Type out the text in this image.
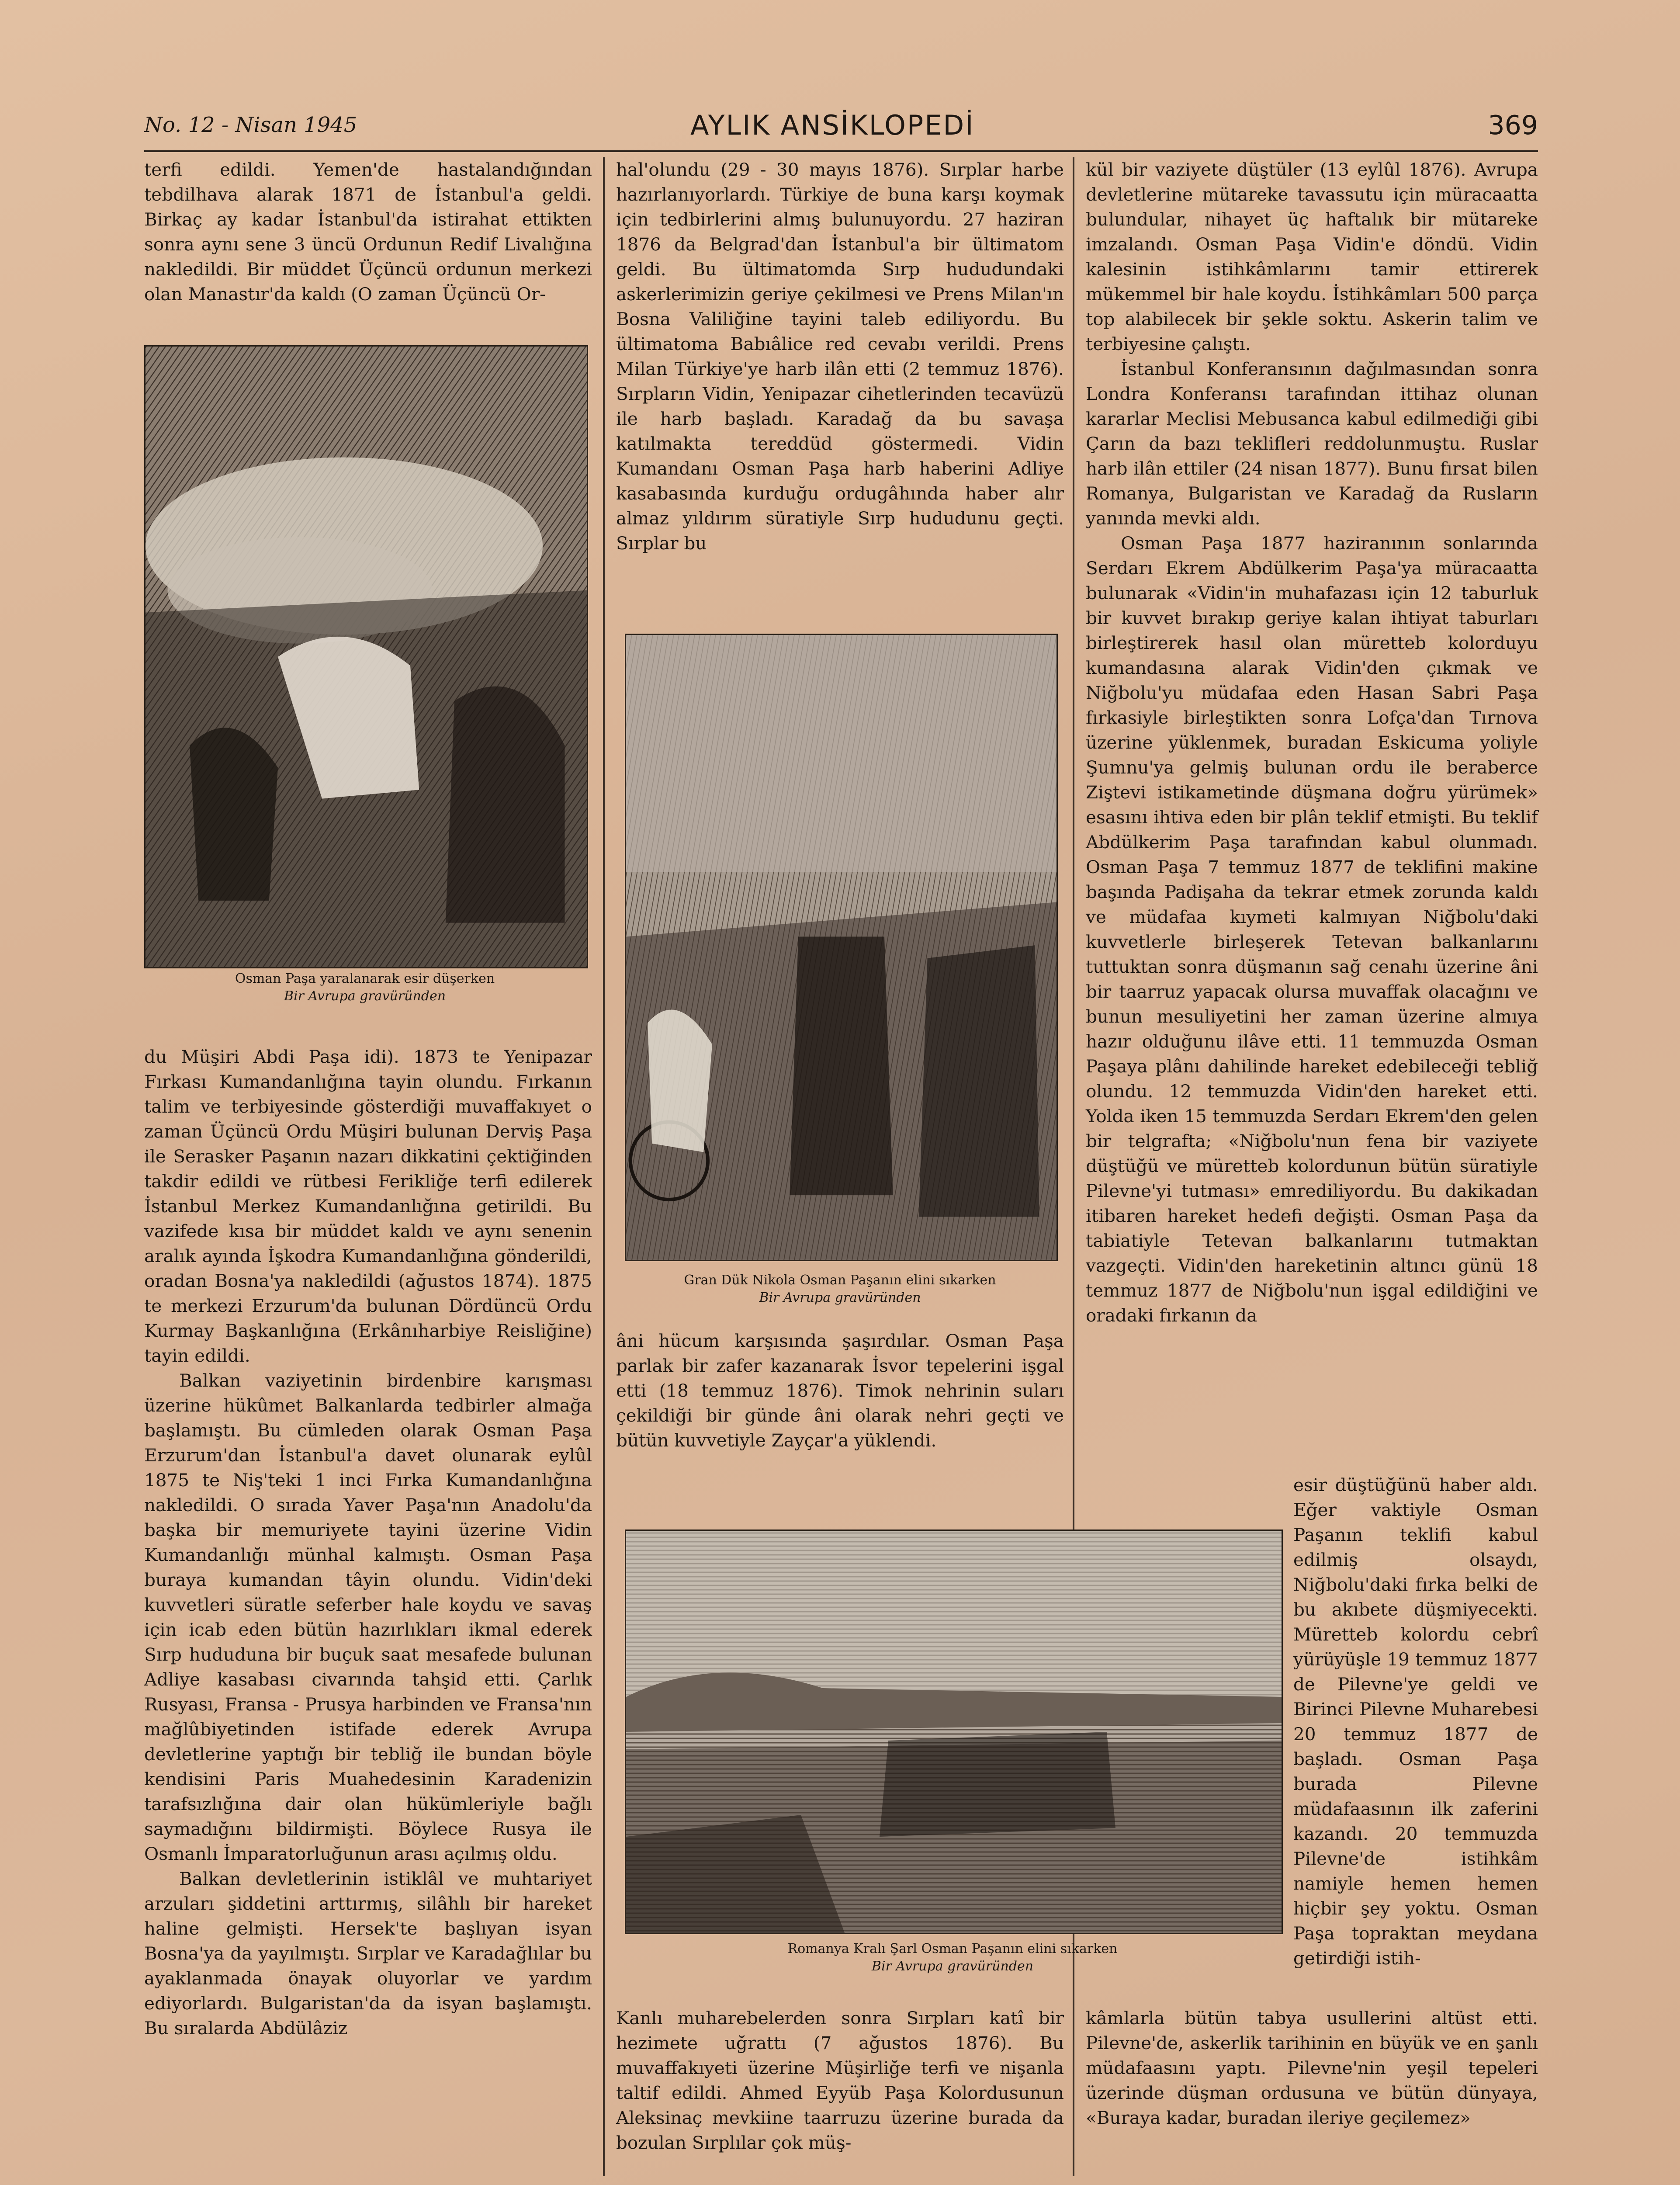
No. 12 - Nisan 1945	AYLIK ANSİKLOPEDİ	369

terfi edildi. Yemen'de hastalandığından tebdilhava alarak 1871 de İstanbul'a geldi. Birkaç ay kadar İstanbul'da istirahat ettikten sonra aynı sene 3 üncü Ordunun Redif Livalığına nakledildi. Bir müddet Üçüncü ordunun merkezi olan Manastır'da kaldı (O zaman Üçüncü Or-

Osman Paşa yaralanarak esir düşerken
Bir Avrupa gravüründen

du Müşiri Abdi Paşa idi). 1873 te Yenipazar Fırkası Kumandanlığına tayin olundu. Fırkanın talim ve terbiyesinde gösterdiği muvaffakıyet o zaman Üçüncü Ordu Müşiri bulunan Derviş Paşa ile Serasker Paşanın nazarı dikkatini çektiğinden takdir edildi ve rütbesi Ferikliğe terfi edilerek İstanbul Merkez Kumandanlığına getirildi. Bu vazifede kısa bir müddet kaldı ve aynı senenin aralık ayında İşkodra Kumandanlığına gönderildi, oradan Bosna'ya nakledildi (ağustos 1874). 1875 te merkezi Erzurum'da bulunan Dördüncü Ordu Kurmay Başkanlığına (Erkânıharbiye Reisliğine) tayin edildi.

Balkan vaziyetinin birdenbire karışması üzerine hükûmet Balkanlarda tedbirler almağa başlamıştı. Bu cümleden olarak Osman Paşa Erzurum'dan İstanbul'a davet olunarak eylûl 1875 te Niş'teki 1 inci Fırka Kumandanlığına nakledildi. O sırada Yaver Paşa'nın Anadolu'da başka bir memuriyete tayini üzerine Vidin Kumandanlığı münhal kalmıştı. Osman Paşa buraya kumandan tâyin olundu. Vidin'deki kuvvetleri süratle seferber hale koydu ve savaş için icab eden bütün hazırlıkları ikmal ederek Sırp hududuna bir buçuk saat mesafede bulunan Adliye kasabası civarında tahşid etti. Çarlık Rusyası, Fransa - Prusya harbinden ve Fransa'nın mağlûbiyetinden istifade ederek Avrupa devletlerine yaptığı bir tebliğ ile bundan böyle kendisini Paris Muahedesinin Karadenizin tarafsızlığına dair olan hükümleriyle bağlı saymadığını bildirmişti. Böylece Rusya ile Osmanlı İmparatorluğunun arası açılmış oldu.

Balkan devletlerinin istiklâl ve muhtariyet arzuları şiddetini arttırmış, silâhlı bir hareket haline gelmişti. Hersek'te başlıyan isyan Bosna'ya da yayılmıştı. Sırplar ve Karadağlılar bu ayaklanmada önayak oluyorlar ve yardım ediyorlardı. Bulgaristan'da da isyan başlamıştı. Bu sıralarda Abdülâziz

hal'olundu (29 - 30 mayıs 1876). Sırplar harbe hazırlanıyorlardı. Türkiye de buna karşı koymak için tedbirlerini almış bulunuyordu. 27 haziran 1876 da Belgrad'dan İstanbul'a bir ültimatom geldi. Bu ültimatomda Sırp hududundaki askerlerimizin geriye çekilmesi ve Prens Milan'ın Bosna Valiliğine tayini taleb ediliyordu. Bu ültimatoma Babıâlice red cevabı verildi. Prens Milan Türkiye'ye harb ilân etti (2 temmuz 1876). Sırpların Vidin, Yenipazar cihetlerinden tecavüzü ile harb başladı. Karadağ da bu savaşa katılmakta tereddüd göstermedi. Vidin Kumandanı Osman Paşa harb haberini Adliye kasabasında kurduğu ordugâhında haber alır almaz yıldırım süratiyle Sırp hududunu geçti. Sırplar bu

Gran Dük Nikola Osman Paşanın elini sıkarken
Bir Avrupa gravüründen

âni hücum karşısında şaşırdılar. Osman Paşa parlak bir zafer kazanarak İsvor tepelerini işgal etti (18 temmuz 1876). Timok nehrinin suları çekildiği bir günde âni olarak nehri geçti ve bütün kuvvetiyle Zayçar'a yüklendi.

Romanya Kralı Şarl Osman Paşanın elini sıkarken
Bir Avrupa gravüründen

Kanlı muharebelerden sonra Sırpları katî bir hezimete uğrattı (7 ağustos 1876). Bu muvaffakıyeti üzerine Müşirliğe terfi ve nişanla taltif edildi. Ahmed Eyyüb Paşa Kolordusunun Aleksinaç mevkiine taarruzu üzerine burada da bozulan Sırplılar çok müş-

kül bir vaziyete düştüler (13 eylûl 1876). Avrupa devletlerine mütareke tavassutu için müracaatta bulundular, nihayet üç haftalık bir mütareke imzalandı. Osman Paşa Vidin'e döndü. Vidin kalesinin istihkâmlarını tamir ettirerek mükemmel bir hale koydu. İstihkâmları 500 parça top alabilecek bir şekle soktu. Askerin talim ve terbiyesine çalıştı.

İstanbul Konferansının dağılmasından sonra Londra Konferansı tarafından ittihaz olunan kararlar Meclisi Mebusanca kabul edilmediği gibi Çarın da bazı teklifleri reddolunmuştu. Ruslar harb ilân ettiler (24 nisan 1877). Bunu fırsat bilen Romanya, Bulgaristan ve Karadağ da Rusların yanında mevki aldı.

Osman Paşa 1877 haziranının sonlarında Serdarı Ekrem Abdülkerim Paşa'ya müracaatta bulunarak «Vidin'in muhafazası için 12 taburluk bir kuvvet bırakıp geriye kalan ihtiyat taburları birleştirerek hasıl olan müretteb kolorduyu kumandasına alarak Vidin'den çıkmak ve Niğbolu'yu müdafaa eden Hasan Sabri Paşa fırkasiyle birleştikten sonra Lofça'dan Tırnova üzerine yüklenmek, buradan Eskicuma yoliyle Şumnu'ya gelmiş bulunan ordu ile beraberce Ziştevi istikametinde düşmana doğru yürümek» esasını ihtiva eden bir plân teklif etmişti. Bu teklif Abdülkerim Paşa tarafından kabul olunmadı. Osman Paşa 7 temmuz 1877 de teklifini makine başında Padişaha da tekrar etmek zorunda kaldı ve müdafaa kıymeti kalmıyan Niğbolu'daki kuvvetlerle birleşerek Tetevan balkanlarını tuttuktan sonra düşmanın sağ cenahı üzerine âni bir taarruz yapacak olursa muvaffak olacağını ve bunun mesuliyetini her zaman üzerine almıya hazır olduğunu ilâve etti. 11 temmuzda Osman Paşaya plânı dahilinde hareket edebileceği tebliğ olundu. 12 temmuzda Vidin'den hareket etti. Yolda iken 15 temmuzda Serdarı Ekrem'den gelen bir telgrafta; «Niğbolu'nun fena bir vaziyete düştüğü ve müretteb kolordunun bütün süratiyle Pilevne'yi tutması» emrediliyordu. Bu dakikadan itibaren hareket hedefi değişti. Osman Paşa da tabiatiyle Tetevan balkanlarını tutmaktan vazgeçti. Vidin'den hareketinin altıncı günü 18 temmuz 1877 de Niğbolu'nun işgal edildiğini ve oradaki fırkanın da

esir düştüğünü haber aldı. Eğer vaktiyle Osman Paşanın teklifi kabul edilmiş olsaydı, Niğbolu'daki fırka belki de bu akıbete düşmiyecekti. Müretteb kolordu cebrî yürüyüşle 19 temmuz 1877 de Pilevne'ye geldi ve Birinci Pilevne Muharebesi 20 temmuz 1877 de başladı. Osman Paşa burada Pilevne müdafaasının ilk zaferini kazandı. 20 temmuzda Pilevne'de istihkâm namiyle hemen hemen hiçbir şey yoktu. Osman Paşa topraktan meydana getirdiği istih-

kâmlarla bütün tabya usullerini altüst etti. Pilevne'de, askerlik tarihinin en büyük ve en şanlı müdafaasını yaptı. Pilevne'nin yeşil tepeleri üzerinde düşman ordusuna ve bütün dünyaya, «Buraya kadar, buradan ileriye geçilemez»
